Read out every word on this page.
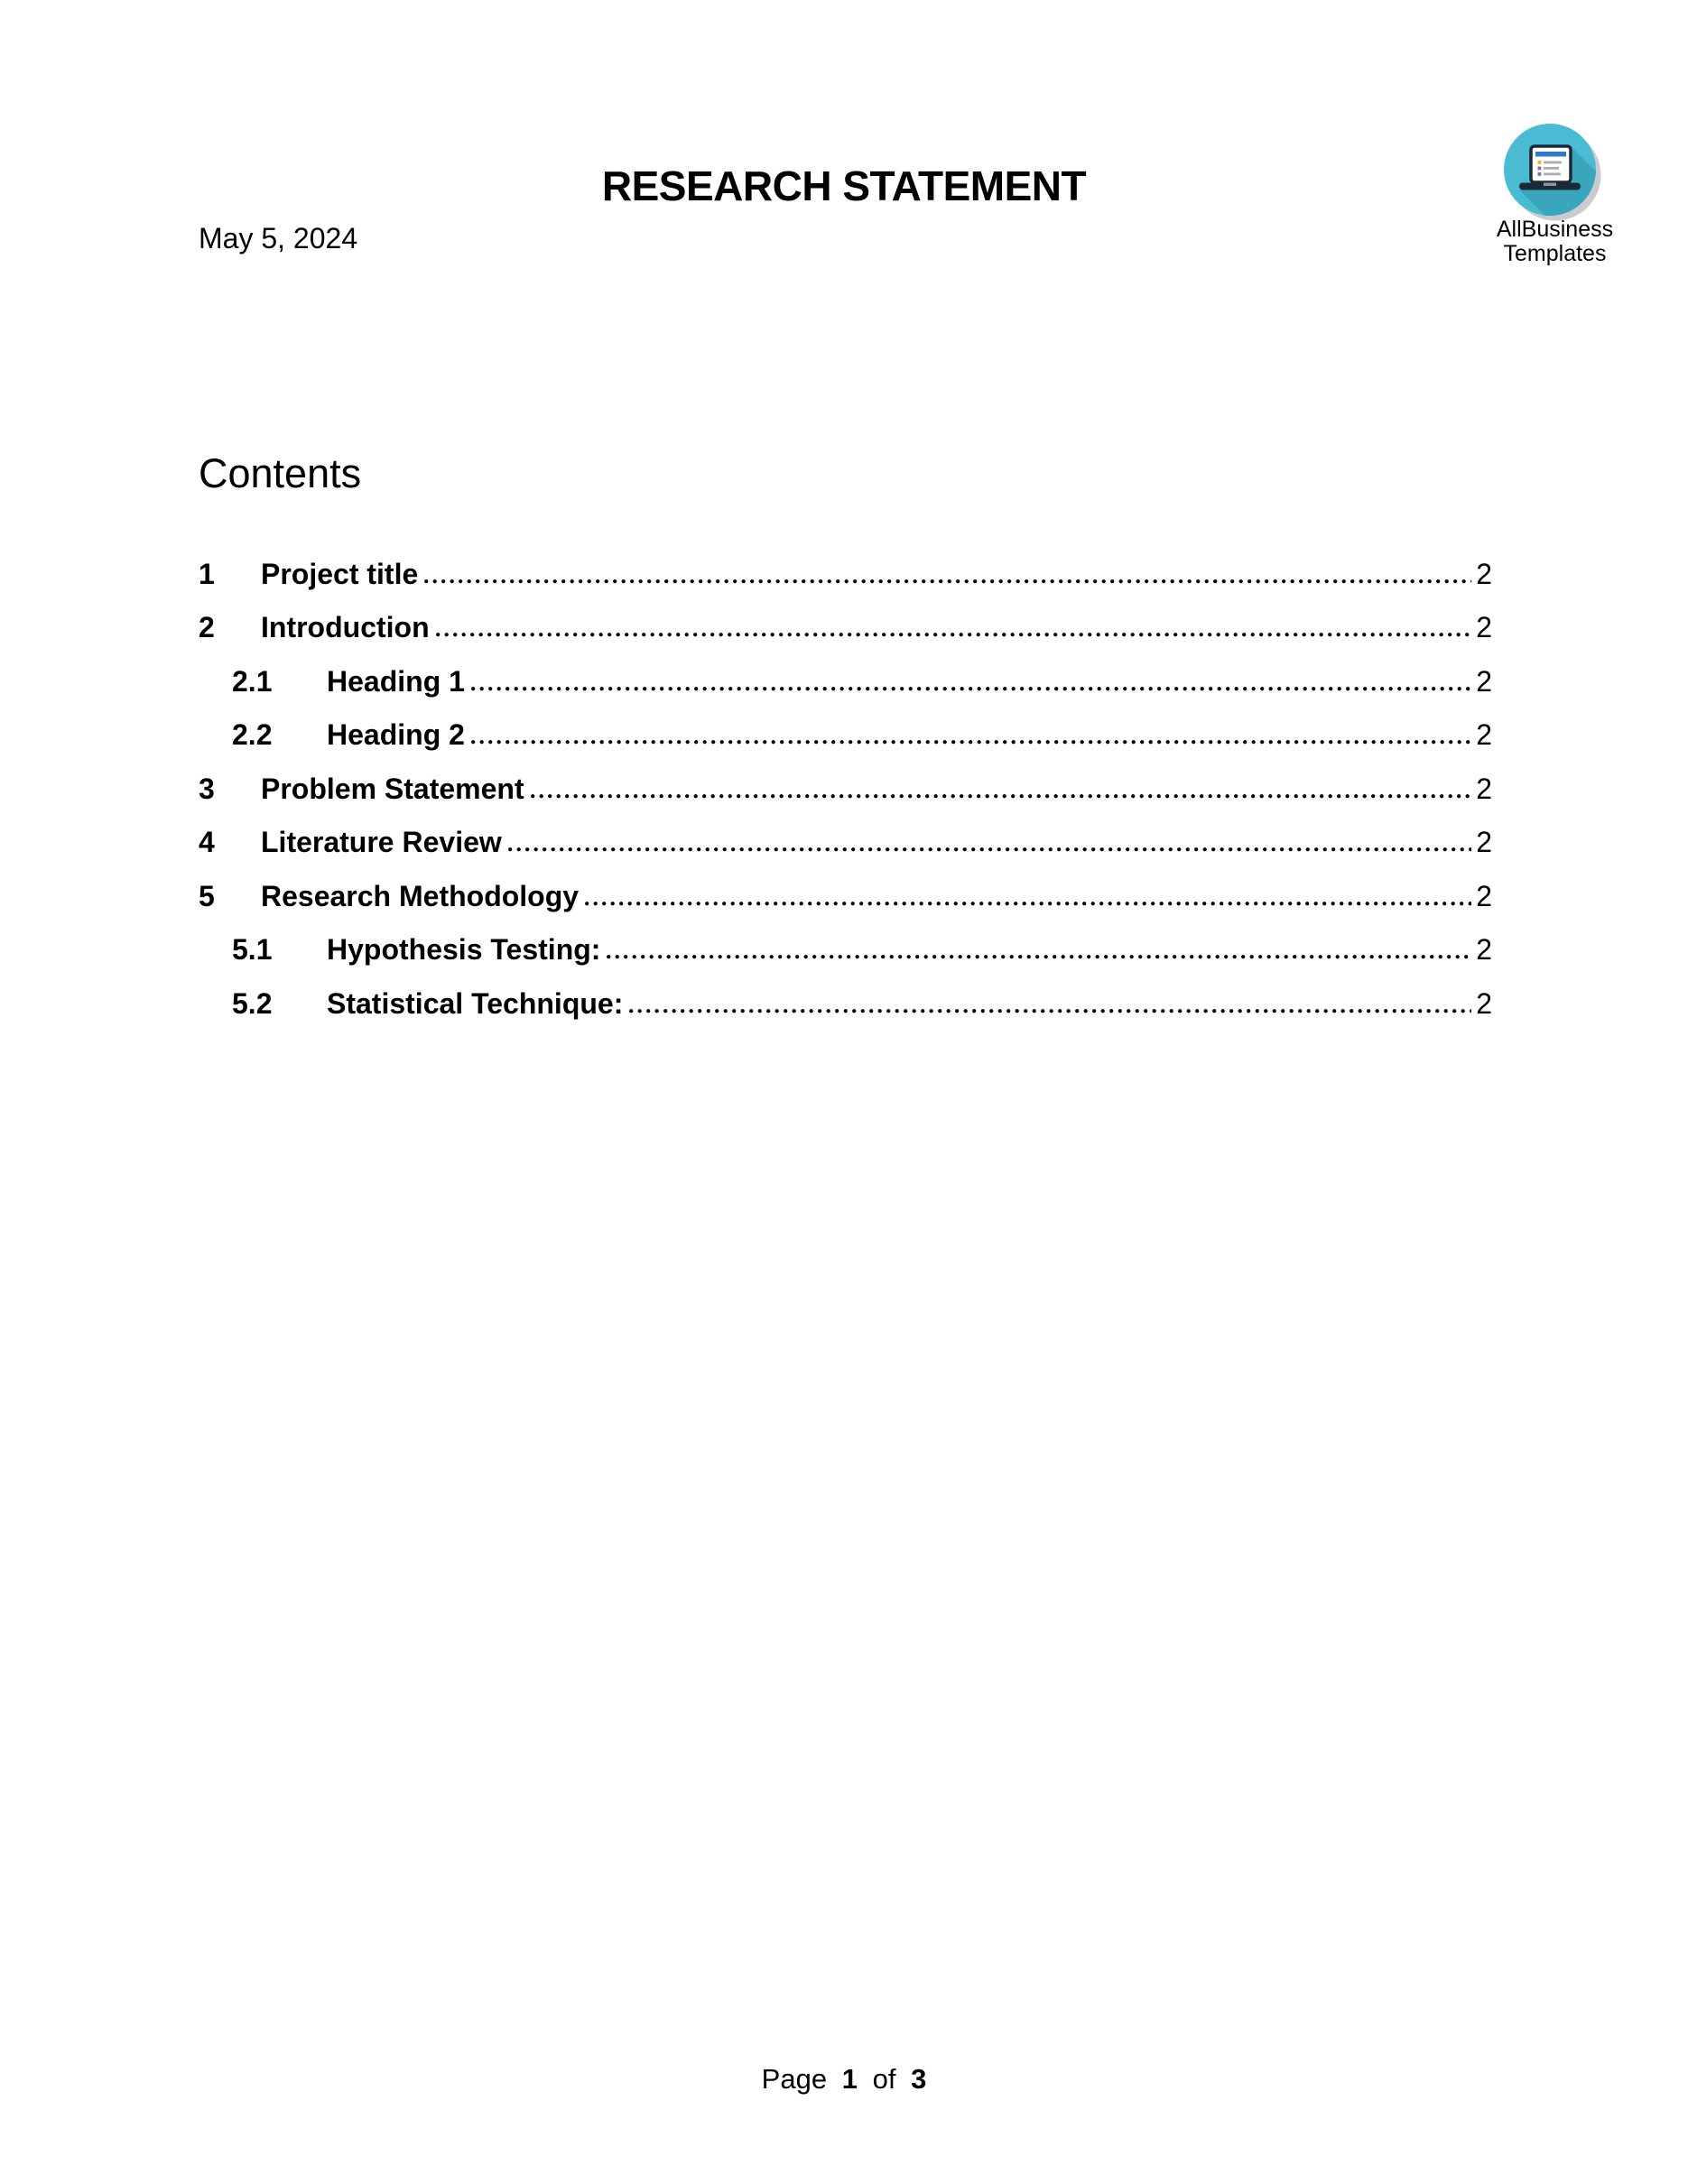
RESEARCH STATEMENT
May 5, 2024	AllBusiness
Templates
Contents
1	Project title	2
2	Introduction	2
2.1	Heading 1	2
2.2	Heading 2	2
3	Problem Statement	2
4	Literature Review	2
5	Research Methodology	2
5.1	Hypothesis Testing:	2
5.2	Statistical Technique:	2
Page 1 of 3
